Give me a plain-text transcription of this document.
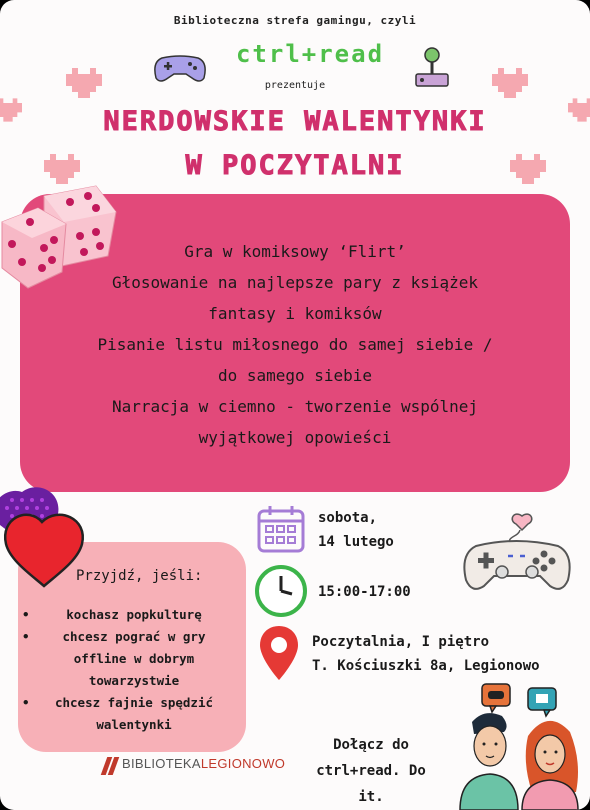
Biblioteczna strefa gamingu, czyli
ctrl+read
prezentuje
NERDOWSKIE WALENTYNKI
W POCZYTALNI
Gra w komiksowy ‘Flirt’
Głosowanie na najlepsze pary z książek
fantasy i komiksów
Pisanie listu miłosnego do samej siebie /
do samego siebie
Narracja w ciemno - tworzenie wspólnej
wyjątkowej opowieści
Przyjdź, jeśli:
•	kochasz popkulturę
•	chcesz pograć w gry offline w dobrym towarzystwie
• chcesz fajnie spędzić walentynki
BIBLIOTEKALEGIONOWO
sobota,
14 lutego
15:00-17:00
Poczytalnia, I piętro
T. Kościuszki 8a, Legionowo
Dołącz do
ctrl+read. Do it.
